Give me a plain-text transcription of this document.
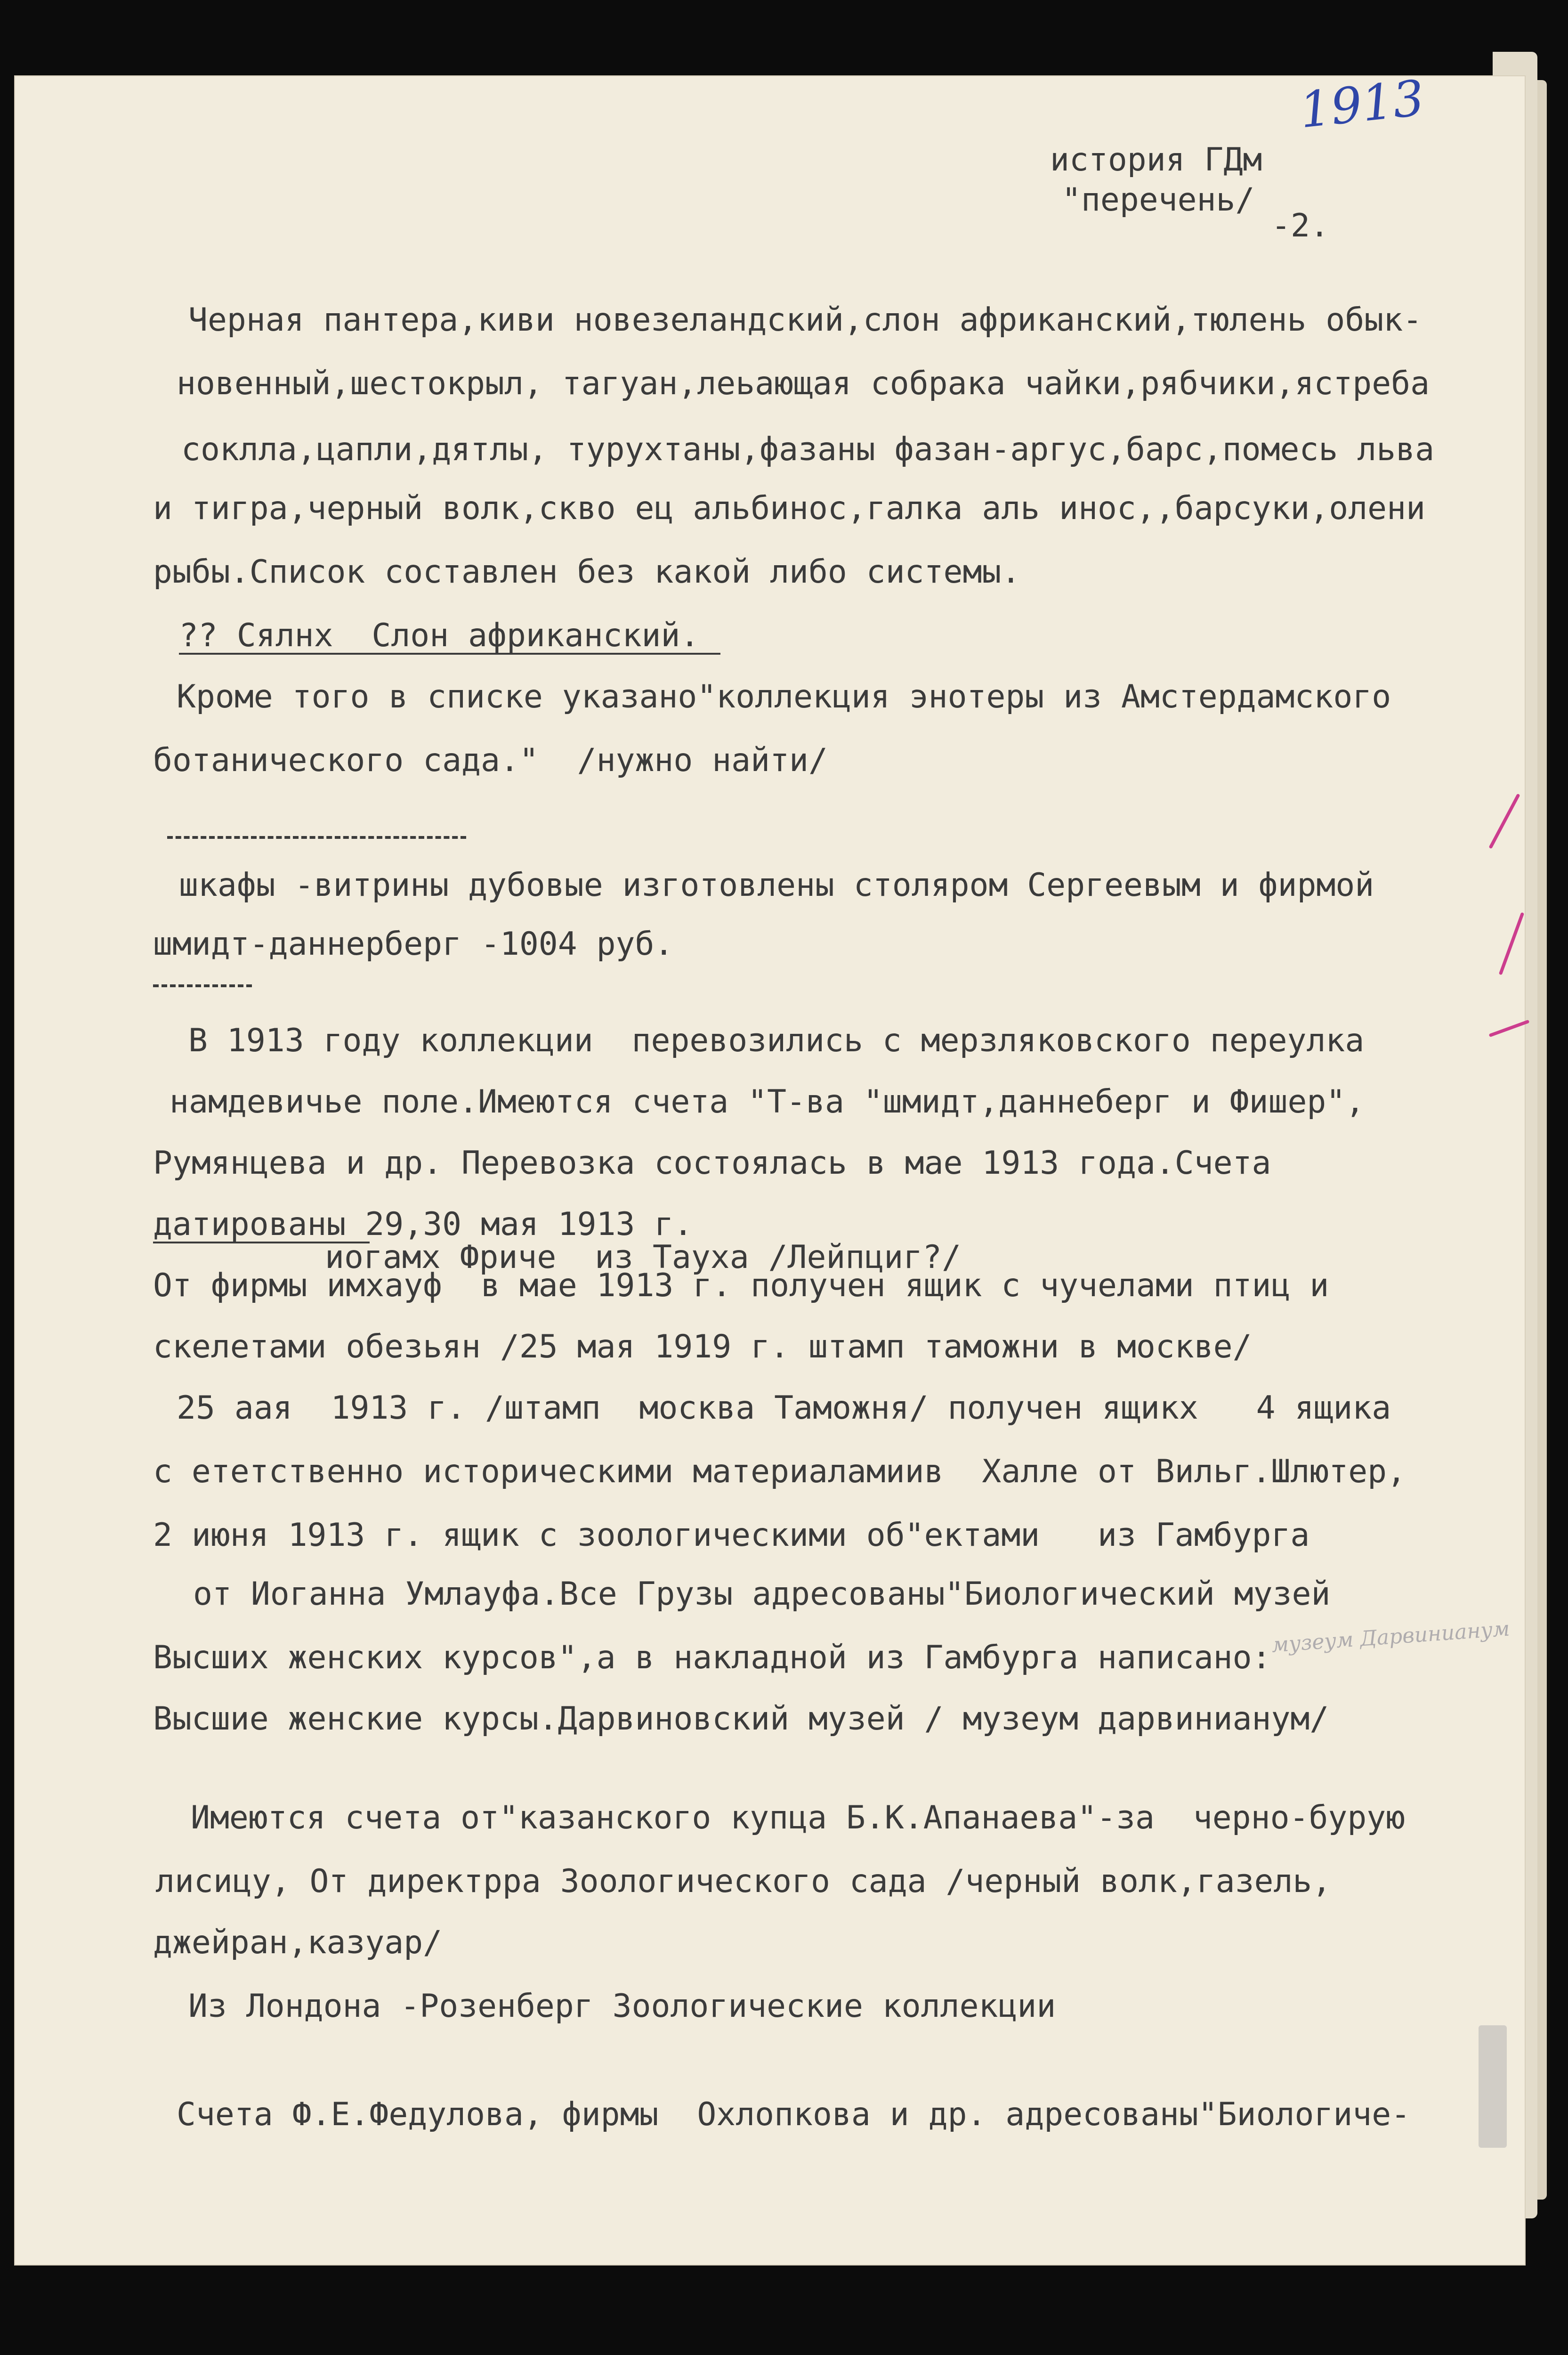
1913
история ГДм
"перечень/
-2.
Черная пантера,киви новезеландский,слон африканский,тюлень обык-
новенный,шестокрыл, тагуан,леьающая собрака чайки,рябчики,ястреба
соклла,цапли,дятлы, турухтаны,фазаны фазан-аргус,барс,помесь льва
и тигра,черный волк,скво ец альбинос,галка аль инос,,барсуки,олени
рыбы.Список составлен без какой либо системы.
?? Сялнх  Слон африканский.
Кроме того в списке указано"коллекция энотеры из Амстердамского
ботанического сада."  /нужно найти/
шкафы -витрины дубовые изготовлены столяром Сергеевым и фирмой
шмидт-даннерберг -1004 руб.
В 1913 году коллекции  перевозились с мерзляковского переулка
намдевичье поле.Имеются счета "Т-ва "шмидт,даннеберг и Фишер",
Румянцева и др. Перевозка состоялась в мае 1913 года.Счета
датированы 29,30 мая 1913 г.
иогамх Фриче  из Тауха /Лейпциг?/
От фирмы имхауф  в мае 1913 г. получен ящик с чучелами птиц и
скелетами обезьян /25 мая 1919 г. штамп таможни в москве/
25 аая  1913 г. /штамп  москва Таможня/ получен ящикх   4 ящика
с ететственно историческими материаламиив  Халле от Вильг.Шлютер,
2 июня 1913 г. ящик с зоологическими об"ектами   из Гамбурга
от Иоганна Умлауфа.Все Грузы адресованы"Биологический музей
Высших женских курсов",а в накладной из Гамбурга написано:
музеум Дарвинианум
Высшие женские курсы.Дарвиновский музей / музеум дарвинианум/
Имеются счета от"казанского купца Б.К.Апанаева"-за  черно-бурую
лисицу, От директрра Зоологического сада /черный волк,газель,
джейран,казуар/
Из Лондона -Розенберг Зоологические коллекции
Счета Ф.Е.Федулова, фирмы  Охлопкова и др. адресованы"Биологиче-
